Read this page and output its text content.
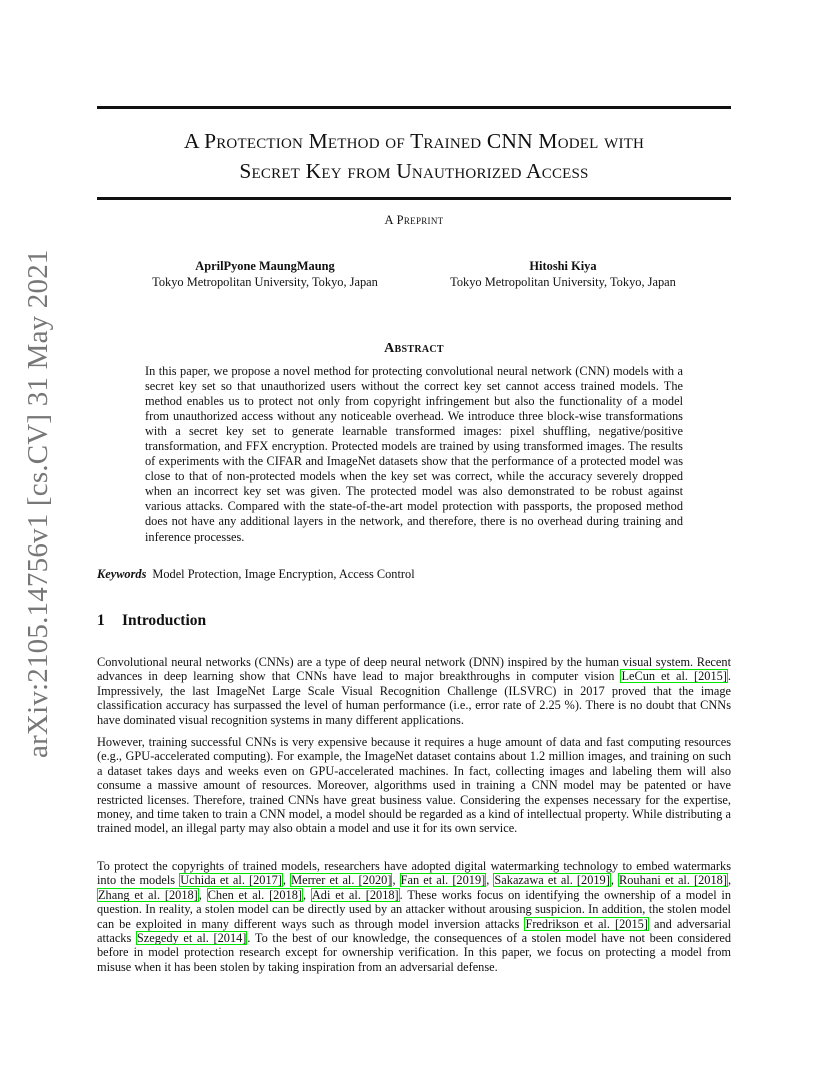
arXiv:2105.14756v1 [cs.CV] 31 May 2021
A Protection Method of Trained CNN Model with
Secret Key from Unauthorized Access
A Preprint
AprilPyone MaungMaung
Tokyo Metropolitan University, Tokyo, Japan
Hitoshi Kiya
Tokyo Metropolitan University, Tokyo, Japan
Abstract
In this paper, we propose a novel method for protecting convolutional neural network (CNN) models with a secret key set so that unauthorized users without the correct key set cannot access trained models. The method enables us to protect not only from copyright infringement but also the functionality of a model from unauthorized access without any noticeable overhead. We introduce three block-wise transformations with a secret key set to generate learnable transformed images: pixel shuffling, negative/positive transformation, and FFX encryption. Protected models are trained by using transformed images. The results of experiments with the CIFAR and ImageNet datasets show that the performance of a protected model was close to that of non-protected models when the key set was correct, while the accuracy severely dropped when an incorrect key set was given. The protected model was also demonstrated to be robust against various attacks. Compared with the state-of-the-art model protection with passports, the proposed method does not have any additional layers in the network, and therefore, there is no overhead during training and inference processes.
Keywords Model Protection, Image Encryption, Access Control
1 Introduction

Convolutional neural networks (CNNs) are a type of deep neural network (DNN) inspired by the human visual system. Recent advances in deep learning show that CNNs have lead to major breakthroughs in computer vision LeCun et al. [2015]. Impressively, the last ImageNet Large Scale Visual Recognition Challenge (ILSVRC) in 2017 proved that the image classification accuracy has surpassed the level of human performance (i.e., error rate of 2.25 %). There is no doubt that CNNs have dominated visual recognition systems in many different applications.

However, training successful CNNs is very expensive because it requires a huge amount of data and fast computing resources (e.g., GPU-accelerated computing). For example, the ImageNet dataset contains about 1.2 million images, and training on such a dataset takes days and weeks even on GPU-accelerated machines. In fact, collecting images and labeling them will also consume a massive amount of resources. Moreover, algorithms used in training a CNN model may be patented or have restricted licenses. Therefore, trained CNNs have great business value. Considering the expenses necessary for the expertise, money, and time taken to train a CNN model, a model should be regarded as a kind of intellectual property. While distributing a trained model, an illegal party may also obtain a model and use it for its own service.

To protect the copyrights of trained models, researchers have adopted digital watermarking technology to embed watermarks into the models Uchida et al. [2017], Merrer et al. [2020], Fan et al. [2019], Sakazawa et al. [2019], Rouhani et al. [2018], Zhang et al. [2018], Chen et al. [2018], Adi et al. [2018]. These works focus on identifying the ownership of a model in question. In reality, a stolen model can be directly used by an attacker without arousing suspicion. In addition, the stolen model can be exploited in many different ways such as through model inversion attacks Fredrikson et al. [2015] and adversarial attacks Szegedy et al. [2014]. To the best of our knowledge, the consequences of a stolen model have not been considered before in model protection research except for ownership verification. In this paper, we focus on protecting a model from misuse when it has been stolen by taking inspiration from an adversarial defense.
